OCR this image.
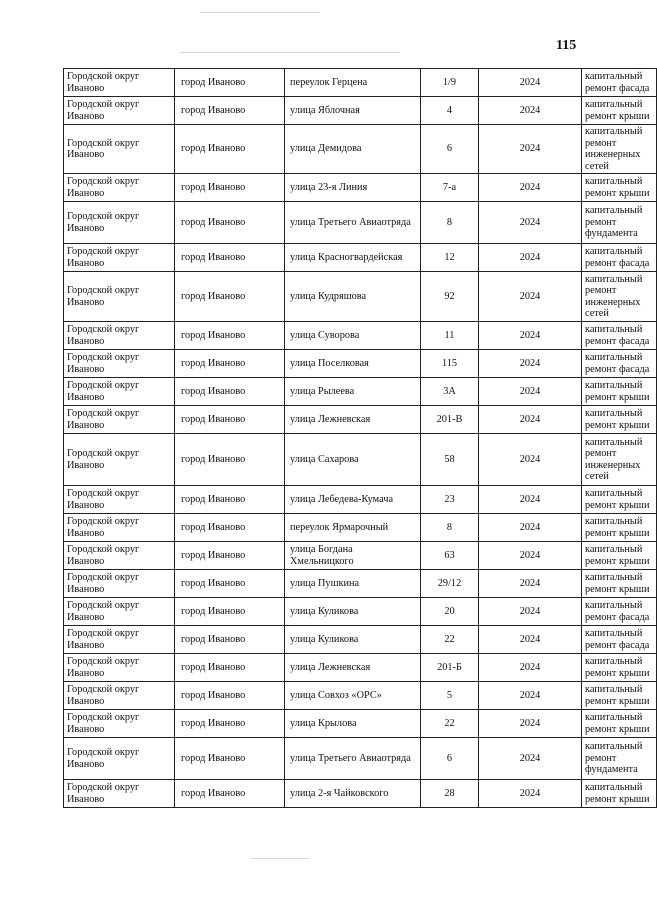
115
Городской округ Иваново	город Иваново	переулок Герцена	1/9	2024	капитальный ремонт фасада
Городской округ Иваново	город Иваново	улица Яблочная	4	2024	капитальный ремонт крыши
Городской округ Иваново	город Иваново	улица Демидова	6	2024	капитальный ремонт инженерных сетей
Городской округ Иваново	город Иваново	улица 23-я Линия	7-а	2024	капитальный ремонт крыши
Городской округ Иваново	город Иваново	улица Третьего Авиаотряда	8	2024	капитальный ремонт фундамента
Городской округ Иваново	город Иваново	улица Красногвардейская	12	2024	капитальный ремонт фасада
Городской округ Иваново	город Иваново	улица Кудряшова	92	2024	капитальный ремонт инженерных сетей
Городской округ Иваново	город Иваново	улица Суворова	11	2024	капитальный ремонт фасада
Городской округ Иваново	город Иваново	улица Поселковая	115	2024	капитальный ремонт фасада
Городской округ Иваново	город Иваново	улица Рылеева	3А	2024	капитальный ремонт крыши
Городской округ Иваново	город Иваново	улица Лежневская	201-В	2024	капитальный ремонт крыши
Городской округ Иваново	город Иваново	улица Сахарова	58	2024	капитальный ремонт инженерных сетей
Городской округ Иваново	город Иваново	улица Лебедева-Кумача	23	2024	капитальный ремонт крыши
Городской округ Иваново	город Иваново	переулок Ярмарочный	8	2024	капитальный ремонт крыши
Городской округ Иваново	город Иваново	улица Богдана Хмельницкого	63	2024	капитальный ремонт крыши
Городской округ Иваново	город Иваново	улица Пушкина	29/12	2024	капитальный ремонт крыши
Городской округ Иваново	город Иваново	улица Куликова	20	2024	капитальный ремонт фасада
Городской округ Иваново	город Иваново	улица Куликова	22	2024	капитальный ремонт фасада
Городской округ Иваново	город Иваново	улица Лежневская	201-Б	2024	капитальный ремонт крыши
Городской округ Иваново	город Иваново	улица Совхоз «ОРС»	5	2024	капитальный ремонт крыши
Городской округ Иваново	город Иваново	улица Крылова	22	2024	капитальный ремонт крыши
Городской округ Иваново	город Иваново	улица Третьего Авиаотряда	6	2024	капитальный ремонт фундамента
Городской округ Иваново	город Иваново	улица 2-я Чайковского	28	2024	капитальный ремонт крыши
